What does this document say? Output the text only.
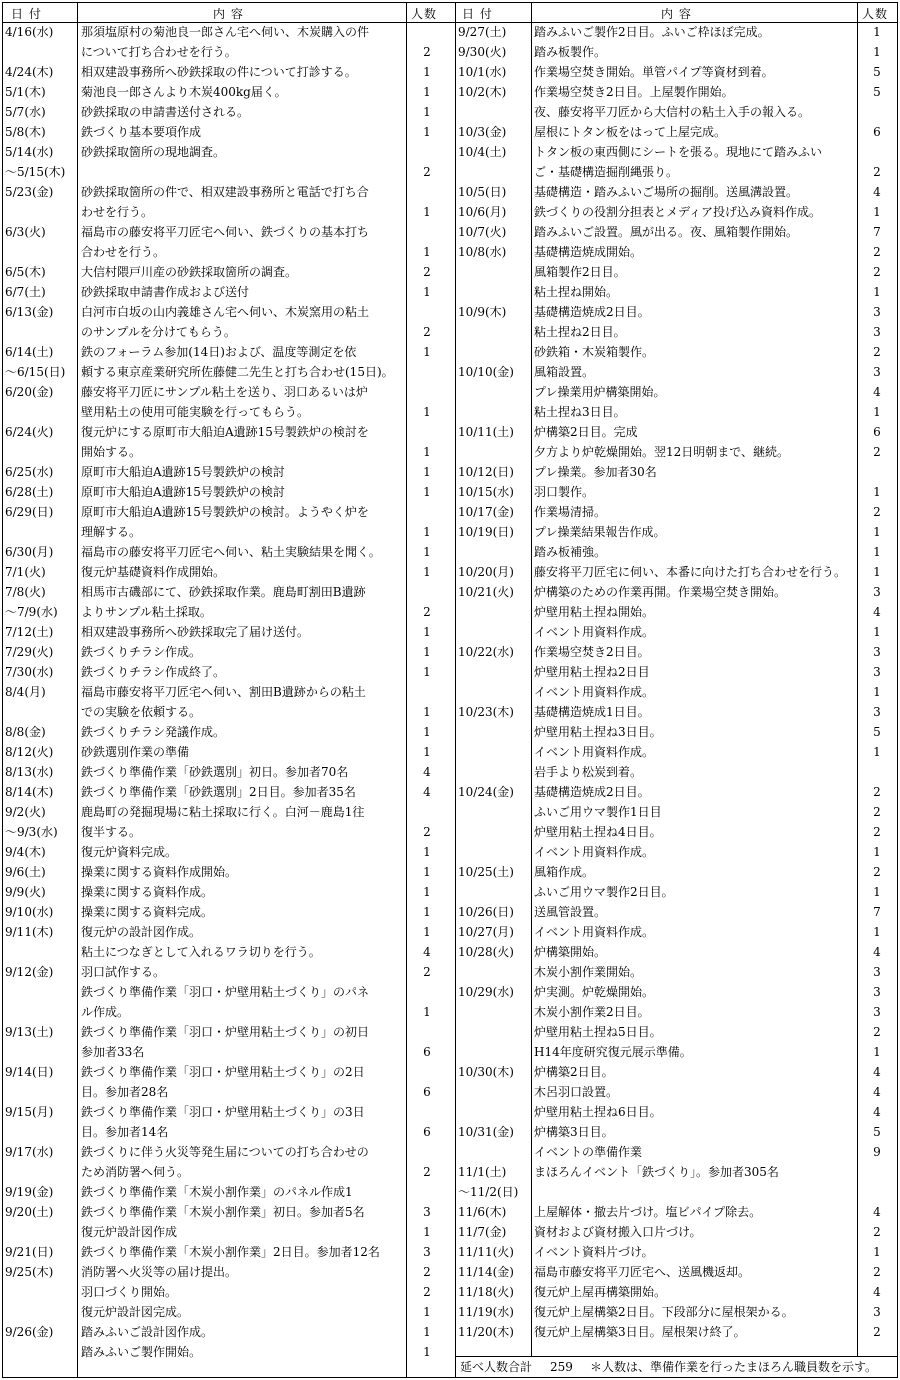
日 付	内 容	人数
4/16(水)	那須塩原村の菊池良一郎さん宅へ伺い、木炭購入の件
について打ち合わせを行う。	2
4/24(木)	相双建設事務所へ砂鉄採取の件について打診する。	1
5/1(木)	菊池良一郎さんより木炭400kg届く。	1
5/7(水)	砂鉄採取の申請書送付される。	1
5/8(木)	鉄づくり基本要項作成	1
5/14(水)	砂鉄採取箇所の現地調査。
～5/15(木)	2
5/23(金)	砂鉄採取箇所の件で、相双建設事務所と電話で打ち合
わせを行う。	1
6/3(火)	福島市の藤安将平刀匠宅へ伺い、鉄づくりの基本打ち
合わせを行う。	1
6/5(木)	大信村隈戸川産の砂鉄採取箇所の調査。	2
6/7(土)	砂鉄採取申請書作成および送付	1
6/13(金)	白河市白坂の山内義雄さん宅へ伺い、木炭窯用の粘土
のサンプルを分けてもらう。	2
6/14(土)	鉄のフォーラム参加(14日)および、温度等測定を依	1
～6/15(日)	頼する東京産業研究所佐藤健二先生と打ち合わせ(15日)。
6/20(金)	藤安将平刀匠にサンプル粘土を送り、羽口あるいは炉
壁用粘土の使用可能実験を行ってもらう。	1
6/24(火)	復元炉にする原町市大船迫A遺跡15号製鉄炉の検討を
開始する。	1
6/25(水)	原町市大船迫A遺跡15号製鉄炉の検討	1
6/28(土)	原町市大船迫A遺跡15号製鉄炉の検討	1
6/29(日)	原町市大船迫A遺跡15号製鉄炉の検討。ようやく炉を
理解する。	1
6/30(月)	福島市の藤安将平刀匠宅へ伺い、粘土実験結果を聞く。	1
7/1(火)	復元炉基礎資料作成開始。	1
7/8(火)	相馬市古磯部にて、砂鉄採取作業。鹿島町割田B遺跡
～7/9(水)	よりサンプル粘土採取。	2
7/12(土)	相双建設事務所へ砂鉄採取完了届け送付。	1
7/29(火)	鉄づくりチラシ作成。	1
7/30(水)	鉄づくりチラシ作成終了。	1
8/4(月)	福島市藤安将平刀匠宅へ伺い、割田B遺跡からの粘土
での実験を依頼する。	1
8/8(金)	鉄づくりチラシ発議作成。	1
8/12(火)	砂鉄選別作業の準備	1
8/13(水)	鉄づくり準備作業「砂鉄選別」初日。参加者70名	4
8/14(木)	鉄づくり準備作業「砂鉄選別」2日目。参加者35名	4
9/2(火)	鹿島町の発掘現場に粘土採取に行く。白河－鹿島1往
～9/3(水)	復半する。	2
9/4(木)	復元炉資料完成。	1
9/6(土)	操業に関する資料作成開始。	1
9/9(火)	操業に関する資料作成。	1
9/10(水)	操業に関する資料完成。	1
9/11(木)	復元炉の設計図作成。	1
粘土につなぎとして入れるワラ切りを行う。	4
9/12(金)	羽口試作する。	2
鉄づくり準備作業「羽口・炉壁用粘土づくり」のパネ
ル作成。	1
9/13(土)	鉄づくり準備作業「羽口・炉壁用粘土づくり」の初日
参加者33名	6
9/14(日)	鉄づくり準備作業「羽口・炉壁用粘土づくり」の2日
目。参加者28名	6
9/15(月)	鉄づくり準備作業「羽口・炉壁用粘土づくり」の3日
目。参加者14名	6
9/17(水)	鉄づくりに伴う火災等発生届についての打ち合わせの
ため消防署へ伺う。	2
9/19(金)	鉄づくり準備作業「木炭小割作業」のパネル作成1
9/20(土)	鉄づくり準備作業「木炭小割作業」初日。参加者5名	3
復元炉設計図作成	1
9/21(日)	鉄づくり準備作業「木炭小割作業」2日目。参加者12名	3
9/25(木)	消防署へ火災等の届け提出。	2
羽口づくり開始。	2
復元炉設計図完成。	1
9/26(金)	踏みふいご設計図作成。	1
踏みふいご製作開始。	1
日 付	内 容	人数
9/27(土)	踏みふいご製作2日目。ふいご枠ほぼ完成。	1
9/30(火)	踏み板製作。	1
10/1(水)	作業場空焚き開始。単管パイプ等資材到着。	5
10/2(木)	作業場空焚き2日目。上屋製作開始。	5
夜、藤安将平刀匠から大信村の粘土入手の報入る。
10/3(金)	屋根にトタン板をはって上屋完成。	6
10/4(土)	トタン板の東西側にシートを張る。現地にて踏みふい
ご・基礎構造掘削縄張り。	2
10/5(日)	基礎構造・踏みふいご場所の掘削。送風溝設置。	4
10/6(月)	鉄づくりの役割分担表とメディア投げ込み資料作成。	1
10/7(火)	踏みふいご設置。風が出る。夜、風箱製作開始。	7
10/8(水)	基礎構造焼成開始。	2
風箱製作2日目。	2
粘土捏ね開始。	1
10/9(木)	基礎構造焼成2日目。	3
粘土捏ね2日目。	3
砂鉄箱・木炭箱製作。	2
10/10(金)	風箱設置。	3
プレ操業用炉構築開始。	4
粘土捏ね3日目。	1
10/11(土)	炉構築2日目。完成	6
夕方より炉乾燥開始。翌12日明朝まで、継続。	2
10/12(日)	プレ操業。参加者30名
10/15(水)	羽口製作。	1
10/17(金)	作業場清掃。	2
10/19(日)	プレ操業結果報告作成。	1
踏み板補強。	1
10/20(月)	藤安将平刀匠宅に伺い、本番に向けた打ち合わせを行う。	1
10/21(火)	炉構築のための作業再開。作業場空焚き開始。	3
炉壁用粘土捏ね開始。	4
イベント用資料作成。	1
10/22(水)	作業場空焚き2日目。	3
炉壁用粘土捏ね2日目	3
イベント用資料作成。	1
10/23(木)	基礎構造焼成1日目。	3
炉壁用粘土捏ね3日目。	5
イベント用資料作成。	1
岩手より松炭到着。
10/24(金)	基礎構造焼成2日目。	2
ふいご用ウマ製作1日目	2
炉壁用粘土捏ね4日目。	2
イベント用資料作成。	1
10/25(土)	風箱作成。	2
ふいご用ウマ製作2日目。	1
10/26(日)	送風管設置。	7
10/27(月)	イベント用資料作成。	1
10/28(火)	炉構築開始。	4
木炭小割作業開始。	3
10/29(水)	炉実測。炉乾燥開始。	3
木炭小割作業2日目。	3
炉壁用粘土捏ね5日目。	2
H14年度研究復元展示準備。	1
10/30(木)	炉構築2日目。	4
木呂羽口設置。	4
炉壁用粘土捏ね6日目。	4
10/31(金)	炉構築3日目。	5
イベントの準備作業	9
11/1(土)	まほろんイベント「鉄づくり」。参加者305名
～11/2(日)
11/6(木)	上屋解体・撤去片づけ。塩ビパイプ除去。	4
11/7(金)	資材および資材搬入口片づけ。	2
11/11(火)	イベント資料片づけ。	1
11/14(金)	福島市藤安将平刀匠宅へ、送風機返却。	2
11/18(火)	復元炉上屋再構築開始。	4
11/19(水)	復元炉上屋構築2日目。下段部分に屋根架かる。	3
11/20(木)	復元炉上屋構築3日目。屋根架け終了。	2
延べ人数合計 259 ＊人数は、準備作業を行ったまほろん職員数を示す。
